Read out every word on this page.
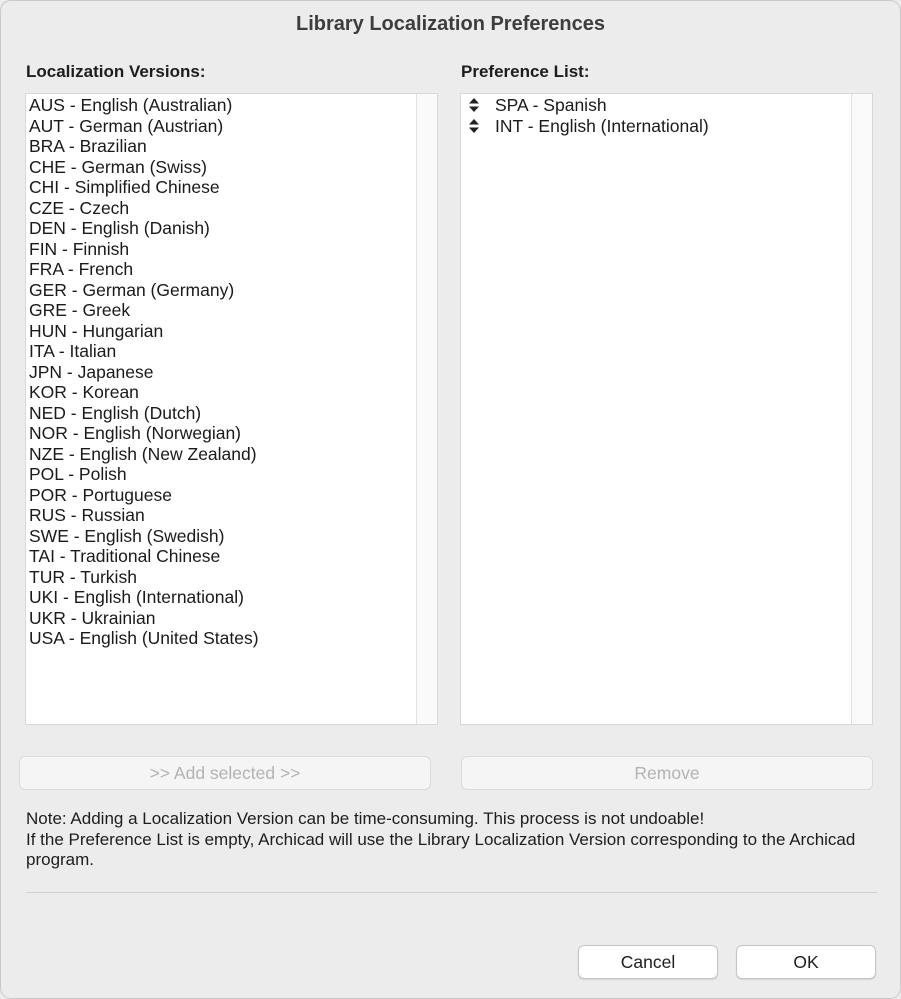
Library Localization Preferences
Localization Versions:
AUS - English (Australian)
AUT - German (Austrian)
BRA - Brazilian
CHE - German (Swiss)
CHI - Simplified Chinese
CZE - Czech
DEN - English (Danish)
FIN - Finnish
FRA - French
GER - German (Germany)
GRE - Greek
HUN - Hungarian
ITA - Italian
JPN - Japanese
KOR - Korean
NED - English (Dutch)
NOR - English (Norwegian)
NZE - English (New Zealand)
POL - Polish
POR - Portuguese
RUS - Russian
SWE - English (Swedish)
TAI - Traditional Chinese
TUR - Turkish
UKI - English (International)
UKR - Ukrainian
USA - English (United States)
Preference List:
SPA - Spanish
INT - English (International)
>> Add selected >>	Remove

Note: Adding a Localization Version can be time-consuming. This process is not undoable!

If the Preference List is empty, Archicad will use the Library Localization Version corresponding to the Archicad program.

Cancel	OK
